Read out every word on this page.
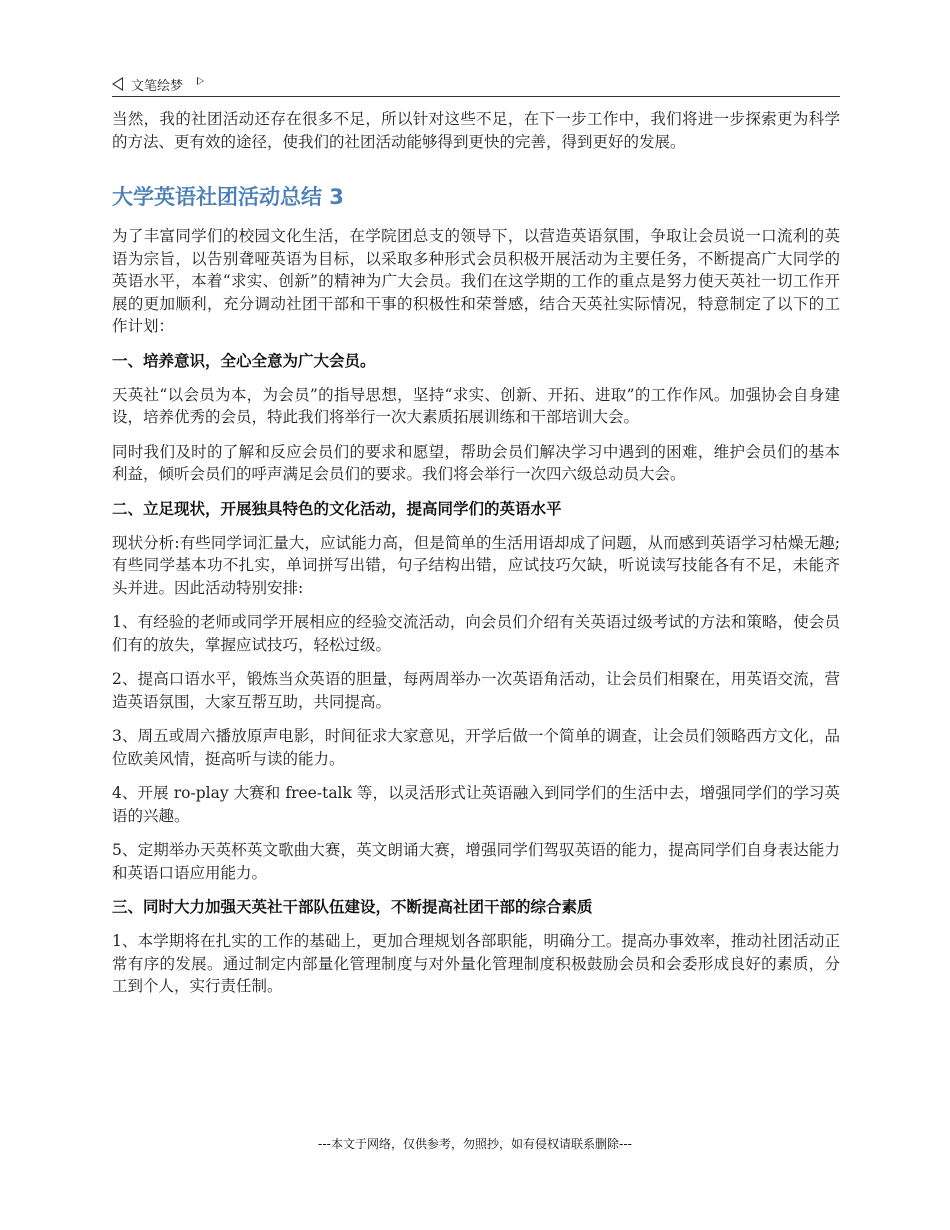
文笔绘梦

当然，我的社团活动还存在很多不足，所以针对这些不足，在下一步工作中，我们将进一步探索更为科学的方法、更有效的途径，使我们的社团活动能够得到更快的完善，得到更好的发展。

大学英语社团活动总结 3

为了丰富同学们的校园文化生活，在学院团总支的领导下，以营造英语氛围，争取让会员说一口流利的英语为宗旨，以告别聋哑英语为目标，以采取多种形式会员积极开展活动为主要任务，不断提高广大同学的英语水平，本着“求实、创新”的精神为广大会员。我们在这学期的工作的重点是努力使天英社一切工作开展的更加顺利，充分调动社团干部和干事的积极性和荣誉感，结合天英社实际情况，特意制定了以下的工作计划：

一、培养意识，全心全意为广大会员。

天英社“以会员为本，为会员”的指导思想，坚持“求实、创新、开拓、进取”的工作作风。加强协会自身建设，培养优秀的会员，特此我们将举行一次大素质拓展训练和干部培训大会。

同时我们及时的了解和反应会员们的要求和愿望，帮助会员们解决学习中遇到的困难，维护会员们的基本利益，倾听会员们的呼声满足会员们的要求。我们将会举行一次四六级总动员大会。

二、立足现状，开展独具特色的文化活动，提高同学们的英语水平

现状分析:有些同学词汇量大，应试能力高，但是简单的生活用语却成了问题，从而感到英语学习枯燥无趣;有些同学基本功不扎实，单词拼写出错，句子结构出错，应试技巧欠缺，听说读写技能各有不足，未能齐头并进。因此活动特别安排:

1、有经验的老师或同学开展相应的经验交流活动，向会员们介绍有关英语过级考试的方法和策略，使会员们有的放失，掌握应试技巧，轻松过级。

2、提高口语水平，锻炼当众英语的胆量，每两周举办一次英语角活动，让会员们相聚在，用英语交流，营造英语氛围，大家互帮互助，共同提高。

3、周五或周六播放原声电影，时间征求大家意见，开学后做一个简单的调查，让会员们领略西方文化，品位欧美风情，挺高听与读的能力。

4、开展 ro-play 大赛和 free-talk 等，以灵活形式让英语融入到同学们的生活中去，增强同学们的学习英语的兴趣。

5、定期举办天英杯英文歌曲大赛，英文朗诵大赛，增强同学们驾驭英语的能力，提高同学们自身表达能力和英语口语应用能力。

三、同时大力加强天英社干部队伍建设，不断提高社团干部的综合素质

1、本学期将在扎实的工作的基础上，更加合理规划各部职能，明确分工。提高办事效率，推动社团活动正常有序的发展。通过制定内部量化管理制度与对外量化管理制度积极鼓励会员和会委形成良好的素质，分工到个人，实行责任制。

---本文于网络，仅供参考，勿照抄，如有侵权请联系删除---
